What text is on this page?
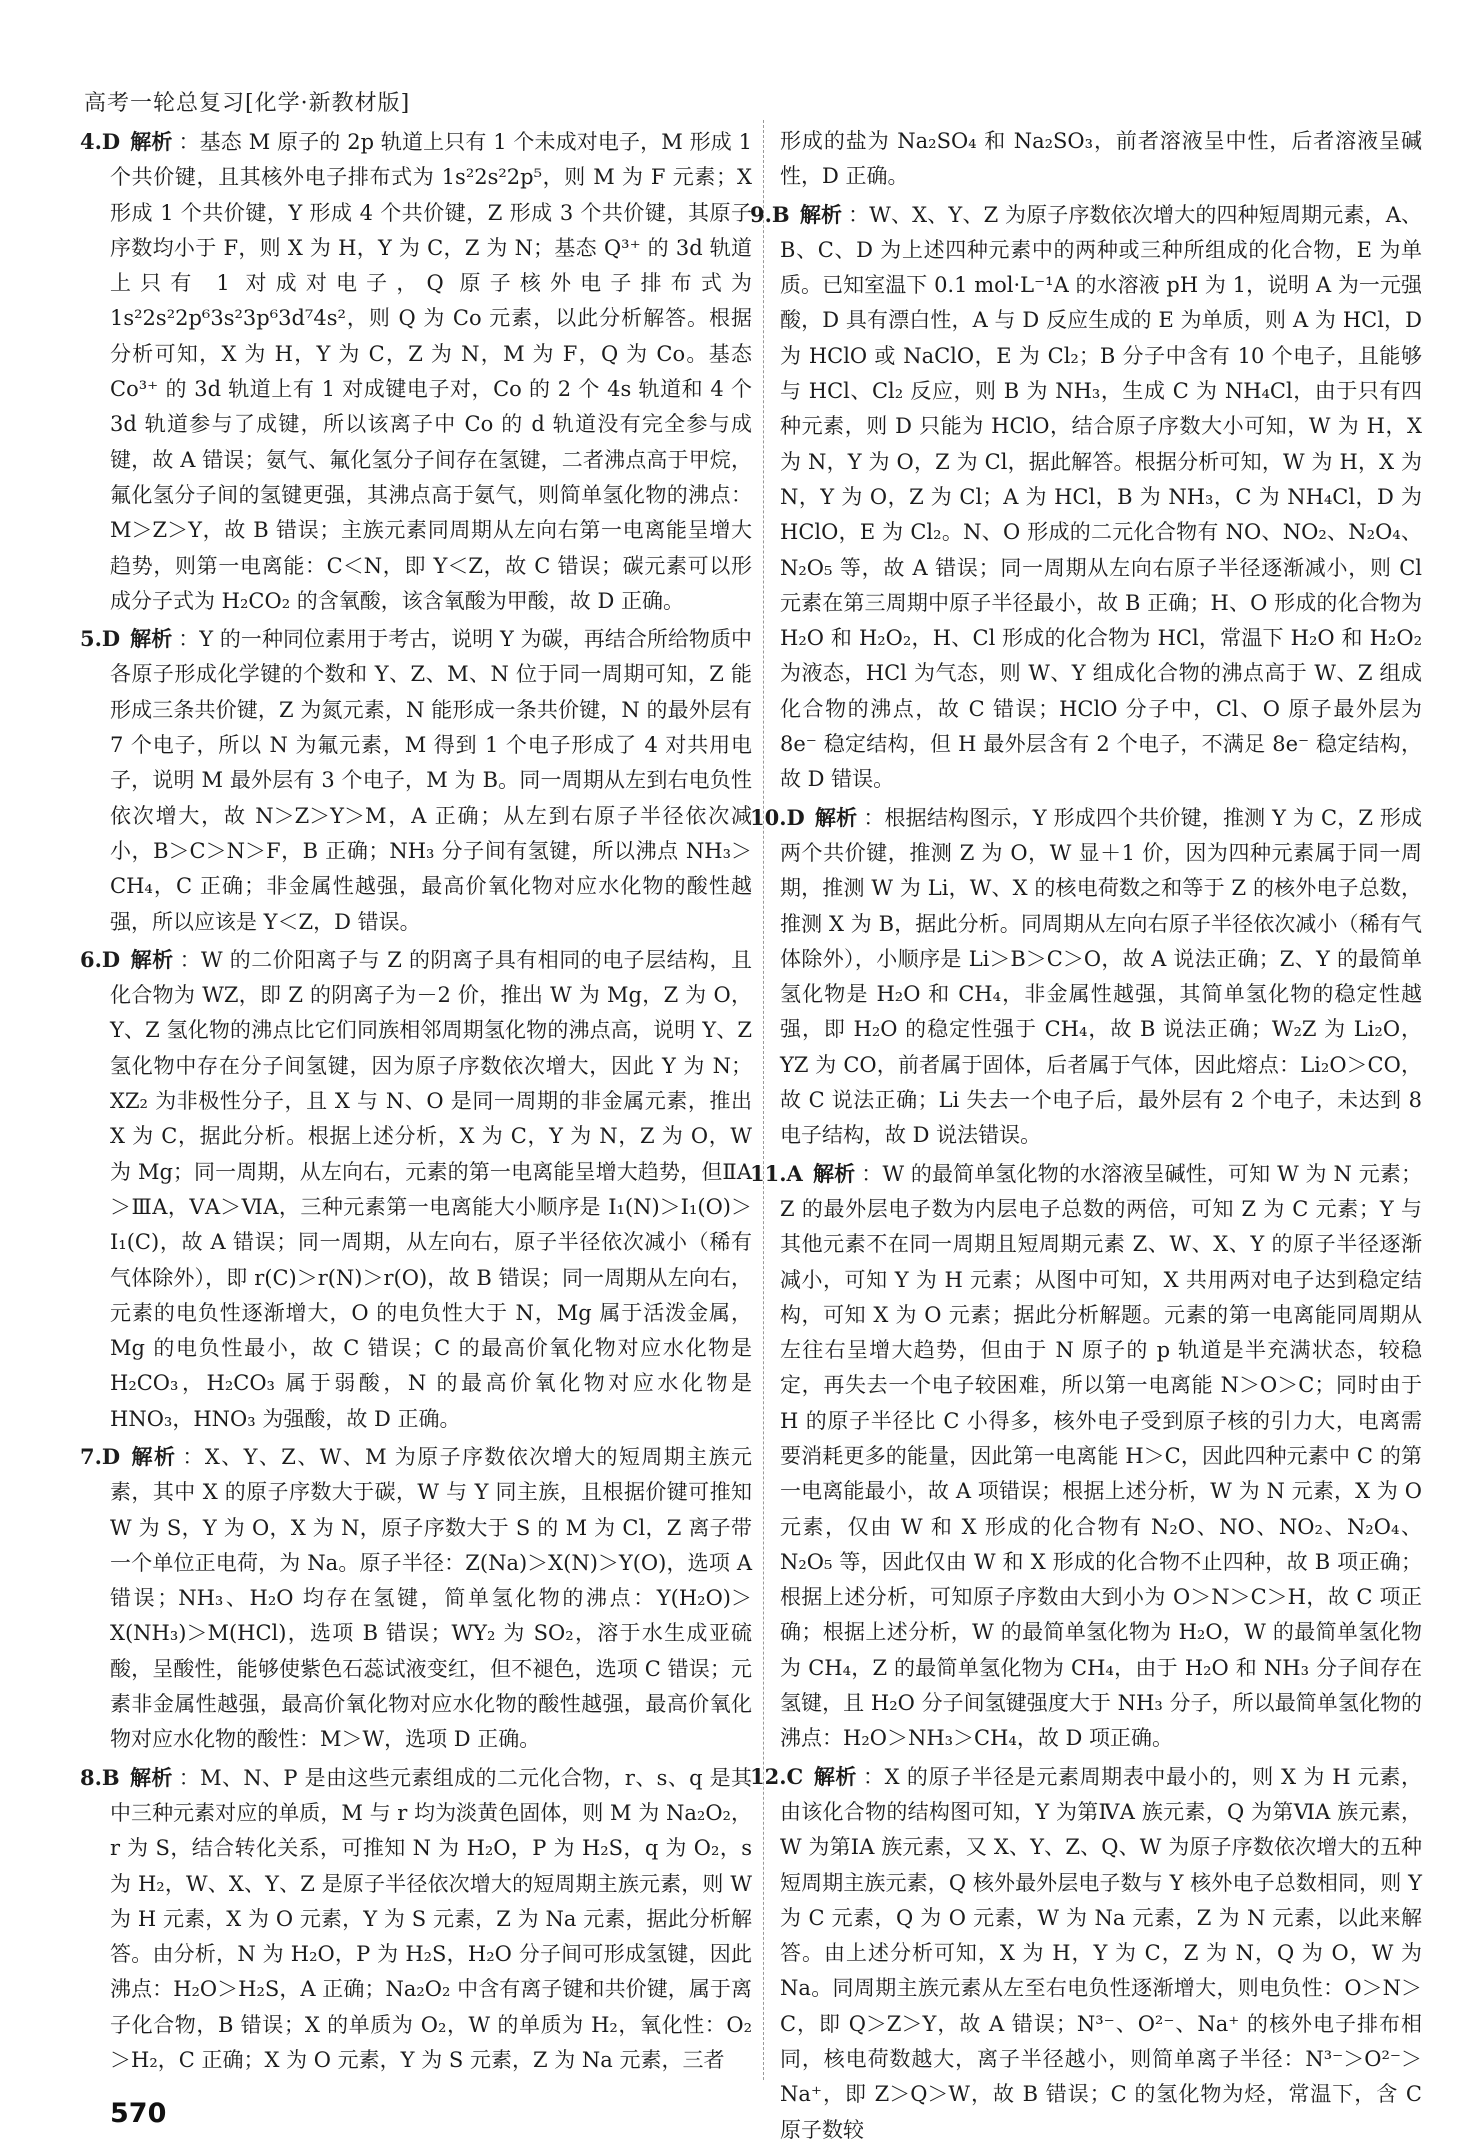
高考一轮总复习[化学·新教材版]

4.D 解析 ：基态 M 原子的 2p 轨道上只有 1 个未成对电子，M 形成 1 个共价键，且其核外电子排布式为 1s²2s²2p⁵，则 M 为 F 元素；X 形成 1 个共价键，Y 形成 4 个共价键，Z 形成 3 个共价键，其原子序数均小于 F，则 X 为 H，Y 为 C，Z 为 N；基态 Q³⁺ 的 3d 轨道上只有 1 对成对电子，Q 原子核外电子排布式为 1s²2s²2p⁶3s²3p⁶3d⁷4s²，则 Q 为 Co 元素，以此分析解答。根据分析可知，X 为 H，Y 为 C，Z 为 N，M 为 F，Q 为 Co。基态 Co³⁺ 的 3d 轨道上有 1 对成键电子对，Co 的 2 个 4s 轨道和 4 个 3d 轨道参与了成键，所以该离子中 Co 的 d 轨道没有完全参与成键，故 A 错误；氨气、氟化氢分子间存在氢键，二者沸点高于甲烷，氟化氢分子间的氢键更强，其沸点高于氨气，则简单氢化物的沸点：M＞Z＞Y，故 B 错误；主族元素同周期从左向右第一电离能呈增大趋势，则第一电离能：C＜N，即 Y＜Z，故 C 错误；碳元素可以形成分子式为 H₂CO₂ 的含氧酸，该含氧酸为甲酸，故 D 正确。

5.D 解析 ：Y 的一种同位素用于考古，说明 Y 为碳，再结合所给物质中各原子形成化学键的个数和 Y、Z、M、N 位于同一周期可知，Z 能形成三条共价键，Z 为氮元素，N 能形成一条共价键，N 的最外层有 7 个电子，所以 N 为氟元素，M 得到 1 个电子形成了 4 对共用电子，说明 M 最外层有 3 个电子，M 为 B。同一周期从左到右电负性依次增大，故 N＞Z＞Y＞M，A 正确；从左到右原子半径依次减小，B＞C＞N＞F，B 正确；NH₃ 分子间有氢键，所以沸点 NH₃＞CH₄，C 正确；非金属性越强，最高价氧化物对应水化物的酸性越强，所以应该是 Y＜Z，D 错误。

6.D 解析 ：W 的二价阳离子与 Z 的阴离子具有相同的电子层结构，且化合物为 WZ，即 Z 的阴离子为－2 价，推出 W 为 Mg，Z 为 O，Y、Z 氢化物的沸点比它们同族相邻周期氢化物的沸点高，说明 Y、Z 氢化物中存在分子间氢键，因为原子序数依次增大，因此 Y 为 N；XZ₂ 为非极性分子，且 X 与 N、O 是同一周期的非金属元素，推出 X 为 C，据此分析。根据上述分析，X 为 C，Y 为 N，Z 为 O，W 为 Mg；同一周期，从左向右，元素的第一电离能呈增大趋势，但ⅡA＞ⅢA，ⅤA＞ⅥA，三种元素第一电离能大小顺序是 I₁(N)＞I₁(O)＞I₁(C)，故 A 错误；同一周期，从左向右，原子半径依次减小（稀有气体除外），即 r(C)＞r(N)＞r(O)，故 B 错误；同一周期从左向右，元素的电负性逐渐增大，O 的电负性大于 N，Mg 属于活泼金属，Mg 的电负性最小，故 C 错误；C 的最高价氧化物对应水化物是 H₂CO₃，H₂CO₃ 属于弱酸，N 的最高价氧化物对应水化物是 HNO₃，HNO₃ 为强酸，故 D 正确。

7.D 解析 ：X、Y、Z、W、M 为原子序数依次增大的短周期主族元素，其中 X 的原子序数大于碳，W 与 Y 同主族，且根据价键可推知 W 为 S，Y 为 O，X 为 N，原子序数大于 S 的 M 为 Cl，Z 离子带一个单位正电荷，为 Na。原子半径：Z(Na)＞X(N)＞Y(O)，选项 A 错误；NH₃、H₂O 均存在氢键，简单氢化物的沸点：Y(H₂O)＞X(NH₃)＞M(HCl)，选项 B 错误；WY₂ 为 SO₂，溶于水生成亚硫酸，呈酸性，能够使紫色石蕊试液变红，但不褪色，选项 C 错误；元素非金属性越强，最高价氧化物对应水化物的酸性越强，最高价氧化物对应水化物的酸性：M＞W，选项 D 正确。

8.B 解析 ：M、N、P 是由这些元素组成的二元化合物，r、s、q 是其中三种元素对应的单质，M 与 r 均为淡黄色固体，则 M 为 Na₂O₂，r 为 S，结合转化关系，可推知 N 为 H₂O，P 为 H₂S，q 为 O₂，s 为 H₂，W、X、Y、Z 是原子半径依次增大的短周期主族元素，则 W 为 H 元素，X 为 O 元素，Y 为 S 元素，Z 为 Na 元素，据此分析解答。由分析，N 为 H₂O，P 为 H₂S，H₂O 分子间可形成氢键，因此沸点：H₂O＞H₂S，A 正确；Na₂O₂ 中含有离子键和共价键，属于离子化合物，B 错误；X 的单质为 O₂，W 的单质为 H₂，氧化性：O₂＞H₂，C 正确；X 为 O 元素，Y 为 S 元素，Z 为 Na 元素，三者

形成的盐为 Na₂SO₄ 和 Na₂SO₃，前者溶液呈中性，后者溶液呈碱性，D 正确。

9.B 解析 ：W、X、Y、Z 为原子序数依次增大的四种短周期元素，A、B、C、D 为上述四种元素中的两种或三种所组成的化合物，E 为单质。已知室温下 0.1 mol·L⁻¹A 的水溶液 pH 为 1，说明 A 为一元强酸，D 具有漂白性，A 与 D 反应生成的 E 为单质，则 A 为 HCl，D 为 HClO 或 NaClO，E 为 Cl₂；B 分子中含有 10 个电子，且能够与 HCl、Cl₂ 反应，则 B 为 NH₃，生成 C 为 NH₄Cl，由于只有四种元素，则 D 只能为 HClO，结合原子序数大小可知，W 为 H，X 为 N，Y 为 O，Z 为 Cl，据此解答。根据分析可知，W 为 H，X 为 N，Y 为 O，Z 为 Cl；A 为 HCl，B 为 NH₃，C 为 NH₄Cl，D 为 HClO，E 为 Cl₂。N、O 形成的二元化合物有 NO、NO₂、N₂O₄、N₂O₅ 等，故 A 错误；同一周期从左向右原子半径逐渐减小，则 Cl 元素在第三周期中原子半径最小，故 B 正确；H、O 形成的化合物为 H₂O 和 H₂O₂，H、Cl 形成的化合物为 HCl，常温下 H₂O 和 H₂O₂ 为液态，HCl 为气态，则 W、Y 组成化合物的沸点高于 W、Z 组成化合物的沸点，故 C 错误；HClO 分子中，Cl、O 原子最外层为 8e⁻ 稳定结构，但 H 最外层含有 2 个电子，不满足 8e⁻ 稳定结构，故 D 错误。

10.D 解析 ：根据结构图示，Y 形成四个共价键，推测 Y 为 C，Z 形成两个共价键，推测 Z 为 O，W 显＋1 价，因为四种元素属于同一周期，推测 W 为 Li，W、X 的核电荷数之和等于 Z 的核外电子总数，推测 X 为 B，据此分析。同周期从左向右原子半径依次减小（稀有气体除外），小顺序是 Li＞B＞C＞O，故 A 说法正确；Z、Y 的最简单氢化物是 H₂O 和 CH₄，非金属性越强，其简单氢化物的稳定性越强，即 H₂O 的稳定性强于 CH₄，故 B 说法正确；W₂Z 为 Li₂O，YZ 为 CO，前者属于固体，后者属于气体，因此熔点：Li₂O＞CO，故 C 说法正确；Li 失去一个电子后，最外层有 2 个电子，未达到 8 电子结构，故 D 说法错误。

11.A 解析 ：W 的最简单氢化物的水溶液呈碱性，可知 W 为 N 元素；Z 的最外层电子数为内层电子总数的两倍，可知 Z 为 C 元素；Y 与其他元素不在同一周期且短周期元素 Z、W、X、Y 的原子半径逐渐减小，可知 Y 为 H 元素；从图中可知，X 共用两对电子达到稳定结构，可知 X 为 O 元素；据此分析解题。元素的第一电离能同周期从左往右呈增大趋势，但由于 N 原子的 p 轨道是半充满状态，较稳定，再失去一个电子较困难，所以第一电离能 N＞O＞C；同时由于 H 的原子半径比 C 小得多，核外电子受到原子核的引力大，电离需要消耗更多的能量，因此第一电离能 H＞C，因此四种元素中 C 的第一电离能最小，故 A 项错误；根据上述分析，W 为 N 元素，X 为 O 元素，仅由 W 和 X 形成的化合物有 N₂O、NO、NO₂、N₂O₄、N₂O₅ 等，因此仅由 W 和 X 形成的化合物不止四种，故 B 项正确；根据上述分析，可知原子序数由大到小为 O＞N＞C＞H，故 C 项正确；根据上述分析，W 的最简单氢化物为 H₂O，W 的最简单氢化物为 CH₄，Z 的最简单氢化物为 CH₄，由于 H₂O 和 NH₃ 分子间存在氢键，且 H₂O 分子间氢键强度大于 NH₃ 分子，所以最简单氢化物的沸点：H₂O＞NH₃＞CH₄，故 D 项正确。

12.C 解析 ：X 的原子半径是元素周期表中最小的，则 X 为 H 元素，由该化合物的结构图可知，Y 为第ⅣA 族元素，Q 为第ⅥA 族元素，W 为第ⅠA 族元素，又 X、Y、Z、Q、W 为原子序数依次增大的五种短周期主族元素，Q 核外最外层电子数与 Y 核外电子总数相同，则 Y 为 C 元素，Q 为 O 元素，W 为 Na 元素，Z 为 N 元素，以此来解答。由上述分析可知，X 为 H，Y 为 C，Z 为 N，Q 为 O，W 为 Na。同周期主族元素从左至右电负性逐渐增大，则电负性：O＞N＞C，即 Q＞Z＞Y，故 A 错误；N³⁻、O²⁻、Na⁺ 的核外电子排布相同，核电荷数越大，离子半径越小，则简单离子半径：N³⁻＞O²⁻＞Na⁺，即 Z＞Q＞W，故 B 错误；C 的氢化物为烃，常温下，含 C 原子数较

570
